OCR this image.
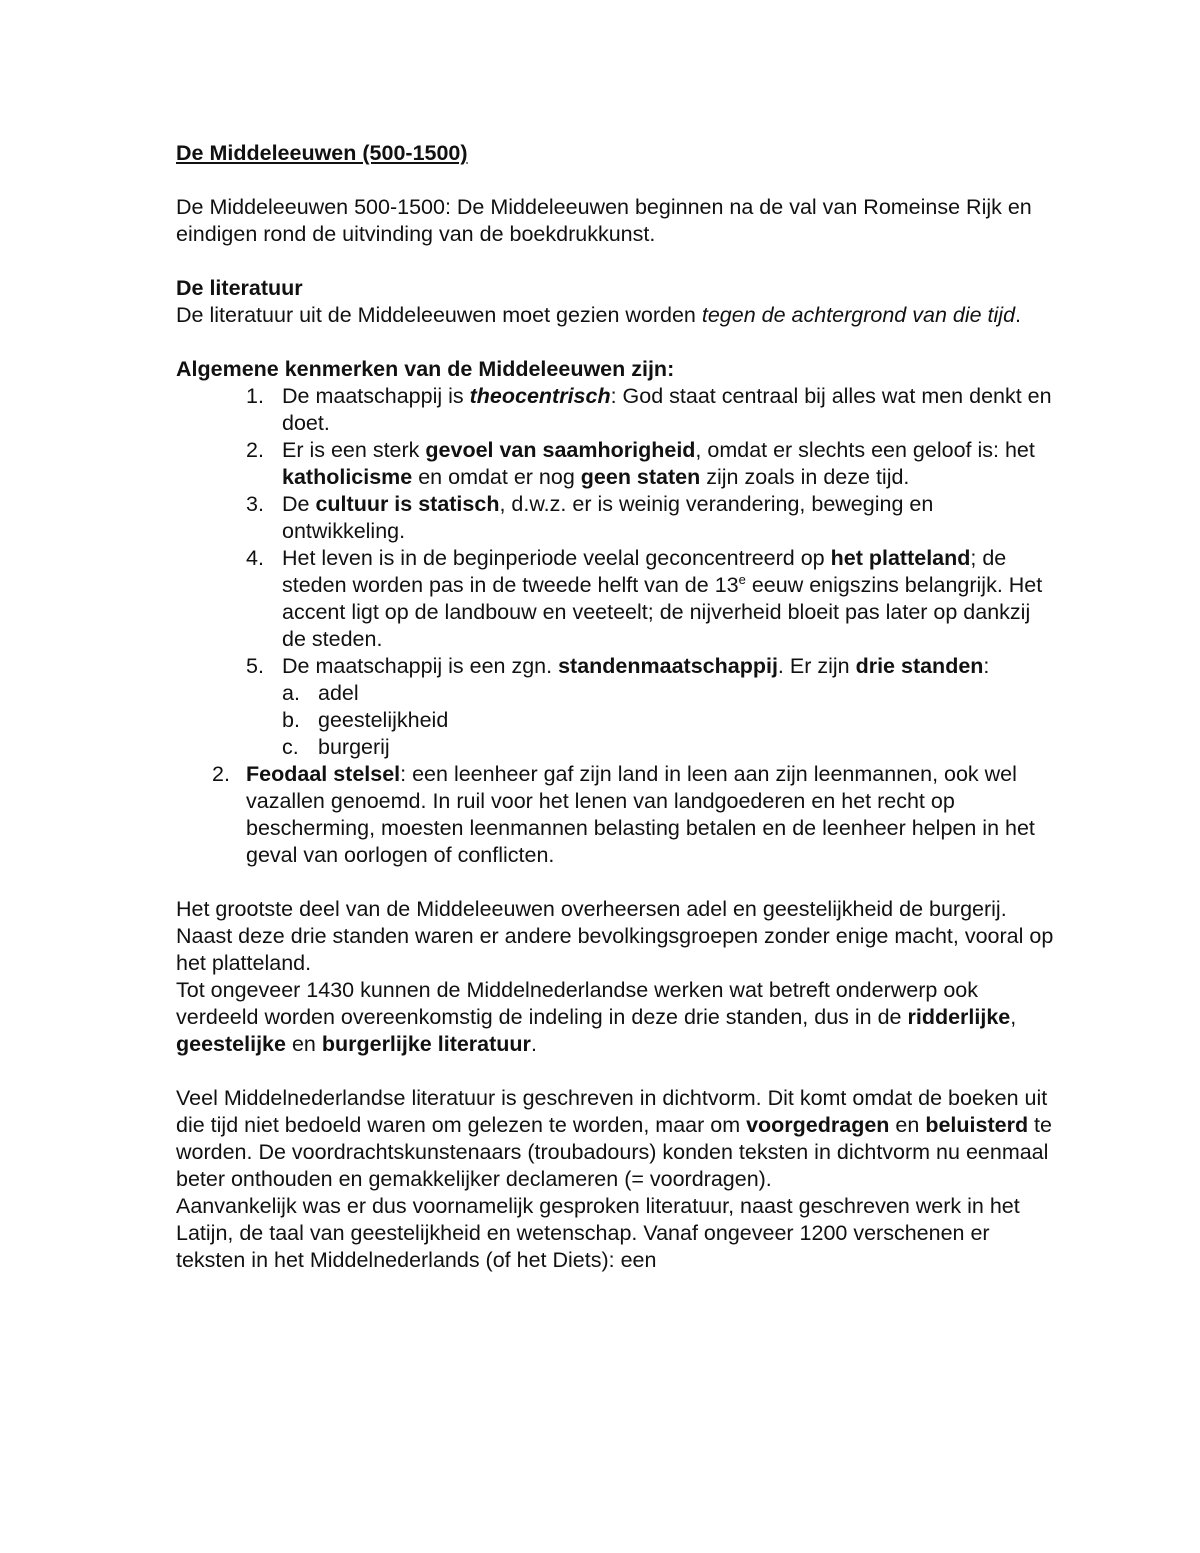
De Middeleeuwen (500-1500)

De Middeleeuwen 500-1500: De Middeleeuwen beginnen na de val van Romeinse Rijk en eindigen rond de uitvinding van de boekdrukkunst.

De literatuur

De literatuur uit de Middeleeuwen moet gezien worden tegen de achtergrond van die tijd.

Algemene kenmerken van de Middeleeuwen zijn:

1. De maatschappij is theocentrisch: God staat centraal bij alles wat men denkt en doet.
2. Er is een sterk gevoel van saamhorigheid, omdat er slechts een geloof is: het katholicisme en omdat er nog geen staten zijn zoals in deze tijd.
3. De cultuur is statisch, d.w.z. er is weinig verandering, beweging en ontwikkeling.
4. Het leven is in de beginperiode veelal geconcentreerd op het platteland; de steden worden pas in de tweede helft van de 13e eeuw enigszins belangrijk. Het accent ligt op de landbouw en veeteelt; de nijverheid bloeit pas later op dankzij de steden.
5. De maatschappij is een zgn. standenmaatschappij. Er zijn drie standen:
a. adel
b. geestelijkheid
c. burgerij
2. Feodaal stelsel: een leenheer gaf zijn land in leen aan zijn leenmannen, ook wel vazallen genoemd. In ruil voor het lenen van landgoederen en het recht op bescherming, moesten leenmannen belasting betalen en de leenheer helpen in het geval van oorlogen of conflicten.

Het grootste deel van de Middeleeuwen overheersen adel en geestelijkheid de burgerij. Naast deze drie standen waren er andere bevolkingsgroepen zonder enige macht, vooral op het platteland.

Tot ongeveer 1430 kunnen de Middelnederlandse werken wat betreft onderwerp ook verdeeld worden overeenkomstig de indeling in deze drie standen, dus in de ridderlijke, geestelijke en burgerlijke literatuur.

Veel Middelnederlandse literatuur is geschreven in dichtvorm. Dit komt omdat de boeken uit die tijd niet bedoeld waren om gelezen te worden, maar om voorgedragen en beluisterd te worden. De voordrachtskunstenaars (troubadours) konden teksten in dichtvorm nu eenmaal beter onthouden en gemakkelijker declameren (= voordragen).

Aanvankelijk was er dus voornamelijk gesproken literatuur, naast geschreven werk in het Latijn, de taal van geestelijkheid en wetenschap. Vanaf ongeveer 1200 verschenen er teksten in het Middelnederlands (of het Diets): een
